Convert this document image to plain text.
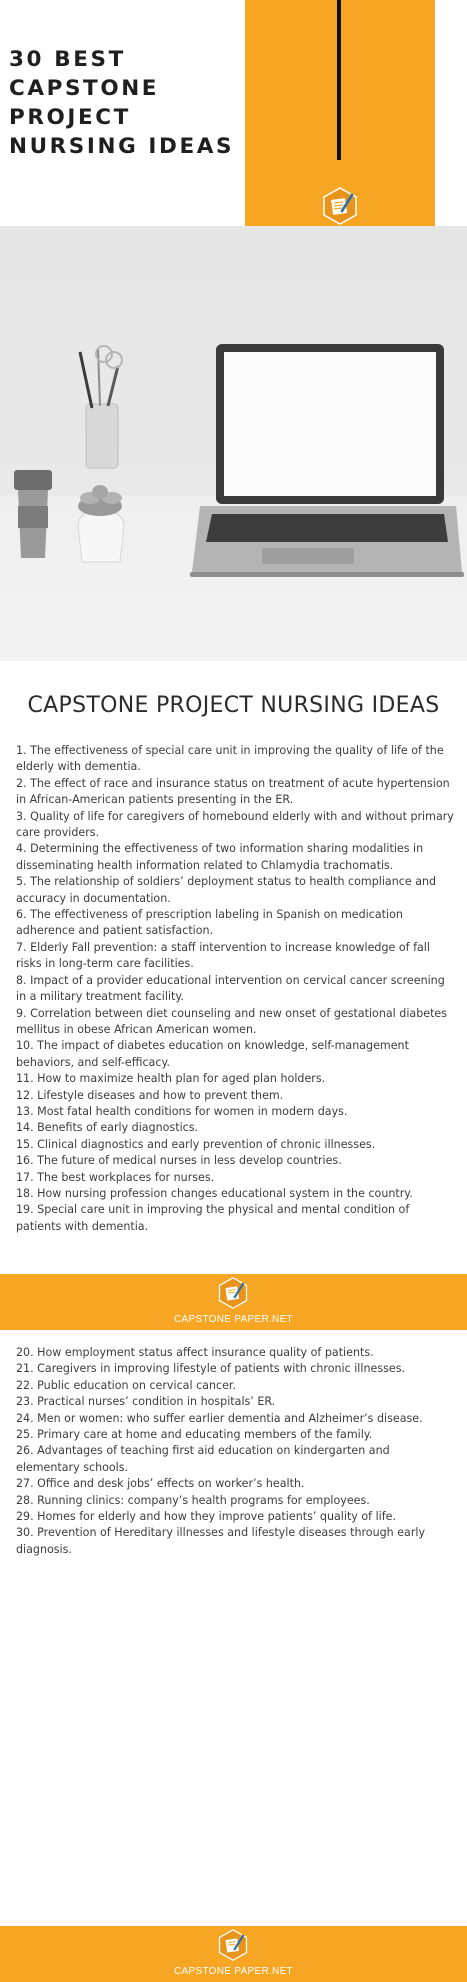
30 BEST
CAPSTONE
PROJECT
NURSING IDEAS
CAPSTONE PROJECT NURSING IDEAS
1. The effectiveness of special care unit in improving the quality of life of the elderly with dementia.
2. The effect of race and insurance status on treatment of acute hypertension in African-American patients presenting in the ER.
3. Quality of life for caregivers of homebound elderly with and without primary care providers.
4. Determining the effectiveness of two information sharing modalities in disseminating health information related to Chlamydia trachomatis.
5. The relationship of soldiers’ deployment status to health compliance and accuracy in documentation.
6. The effectiveness of prescription labeling in Spanish on medication adherence and patient satisfaction.
7. Elderly Fall prevention: a staff intervention to increase knowledge of fall risks in long-term care facilities.
8. Impact of a provider educational intervention on cervical cancer screening in a military treatment facility.
9. Correlation between diet counseling and new onset of gestational diabetes mellitus in obese African American women.
10. The impact of diabetes education on knowledge, self-management behaviors, and self-efficacy.
11. How to maximize health plan for aged plan holders.
12. Lifestyle diseases and how to prevent them.
13. Most fatal health conditions for women in modern days.
14. Benefits of early diagnostics.
15. Clinical diagnostics and early prevention of chronic illnesses.
16. The future of medical nurses in less develop countries.
17. The best workplaces for nurses.
18. How nursing profession changes educational system in the country.
19. Special care unit in improving the physical and mental condition of patients with dementia.
CAPSTONE PAPER.NET
20. How employment status affect insurance quality of patients.
21. Caregivers in improving lifestyle of patients with chronic illnesses.
22. Public education on cervical cancer.
23. Practical nurses’ condition in hospitals’ ER.
24. Men or women: who suffer earlier dementia and Alzheimer’s disease.
25. Primary care at home and educating members of the family.
26. Advantages of teaching first aid education on kindergarten and elementary schools.
27. Office and desk jobs’ effects on worker’s health.
28. Running clinics: company’s health programs for employees.
29. Homes for elderly and how they improve patients’ quality of life.
30. Prevention of Hereditary illnesses and lifestyle diseases through early diagnosis.
CAPSTONE PAPER.NET
